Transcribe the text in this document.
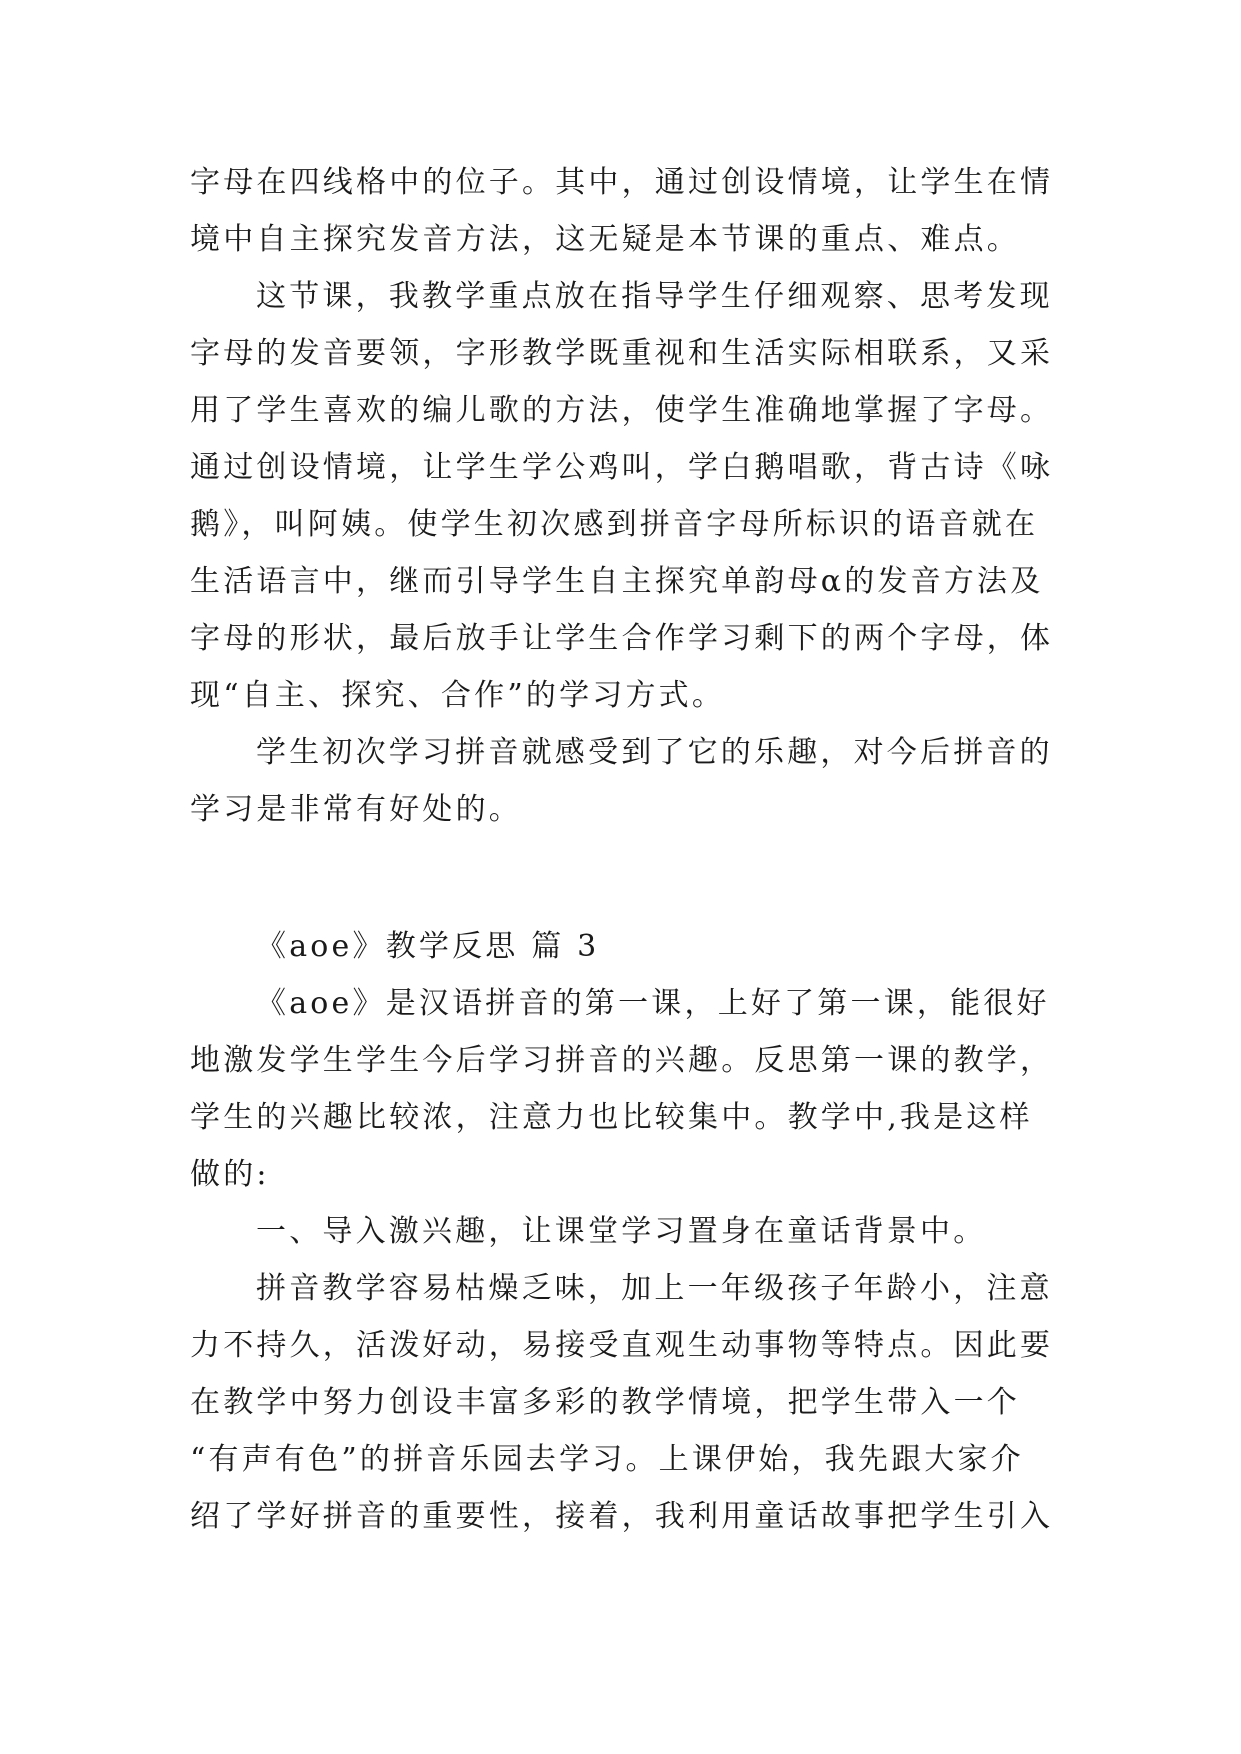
字母在四线格中的位子。其中，通过创设情境，让学生在情
境中自主探究发音方法，这无疑是本节课的重点、难点。

这节课，我教学重点放在指导学生仔细观察、思考发现
字母的发音要领，字形教学既重视和生活实际相联系，又采
用了学生喜欢的编儿歌的方法，使学生准确地掌握了字母。
通过创设情境，让学生学公鸡叫，学白鹅唱歌，背古诗《咏
鹅》，叫阿姨。使学生初次感到拼音字母所标识的语音就在
生活语言中，继而引导学生自主探究单韵母α的发音方法及
字母的形状，最后放手让学生合作学习剩下的两个字母，体
现“自主、探究、合作”的学习方式。

学生初次学习拼音就感受到了它的乐趣，对今后拼音的
学习是非常有好处的。

《aoe》教学反思 篇 3

《aoe》是汉语拼音的第一课，上好了第一课，能很好
地激发学生学生今后学习拼音的兴趣。反思第一课的教学，
学生的兴趣比较浓，注意力也比较集中。教学中,我是这样
做的:

一、导入激兴趣，让课堂学习置身在童话背景中。

拼音教学容易枯燥乏味，加上一年级孩子年龄小，注意
力不持久，活泼好动，易接受直观生动事物等特点。因此要
在教学中努力创设丰富多彩的教学情境，把学生带入一个
“有声有色”的拼音乐园去学习。上课伊始，我先跟大家介
绍了学好拼音的重要性，接着，我利用童话故事把学生引入
